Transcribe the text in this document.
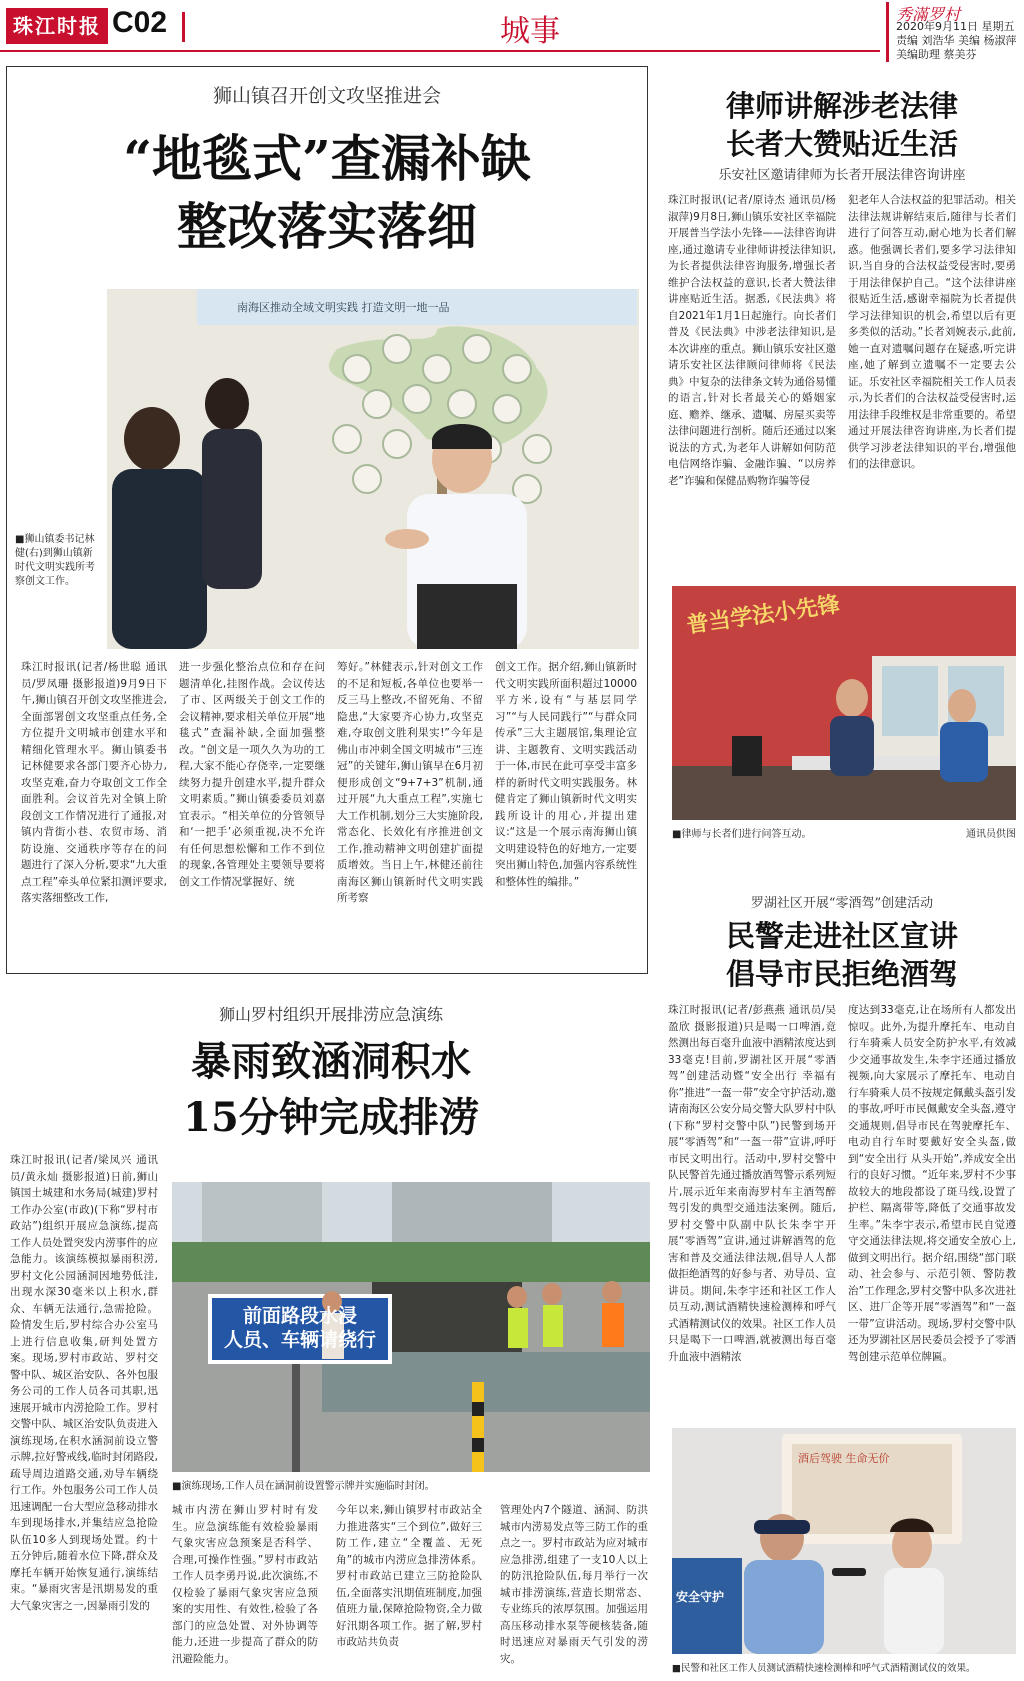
珠江时报 C02	城事	秀滿罗村
2020年9月11日 星期五
责编 刘浩华 美编 杨淑萍
美编助理 蔡美芬
狮山镇召开创文攻坚推进会
“地毯式”查漏补缺
整改落实落细
南海区推动全域文明实践 打造文明一地一品
■狮山镇委书记林健(右)到狮山镇新时代文明实践所考察创文工作。
珠江时报讯(记者/杨世聪 通讯员/罗凤珊 摄影报道)9月9日下午,狮山镇召开创文攻坚推进会,全面部署创文攻坚重点任务,全方位提升文明城市创建水平和精细化管理水平。狮山镇委书记林健要求各部门要齐心协力,攻坚克难,奋力夺取创文工作全面胜利。会议首先对全镇上阶段创文工作情况进行了通报,对镇内背街小巷、农贸市场、消防设施、交通秩序等存在的问题进行了深入分析,要求“九大重点工程”牵头单位紧扣测评要求,落实落细整改工作,
进一步强化整治点位和存在问题清单化,挂图作战。会议传达了市、区两级关于创文工作的会议精神,要求相关单位开展“地毯式”查漏补缺,全面加强整改。“创文是一项久久为功的工程,大家不能心存侥幸,一定要继续努力提升创建水平,提升群众文明素质。”狮山镇委委员刘嘉宜表示。“相关单位的分管领导和‘一把手’必须重视,决不允许有任何思想松懈和工作不到位的现象,各管理处主要领导要将创文工作情况掌握好、统
筹好。”林健表示,针对创文工作的不足和短板,各单位也要举一反三马上整改,不留死角、不留隐患,“大家要齐心协力,攻坚克难,夺取创文胜利果实!”今年是佛山市冲刺全国文明城市“三连冠”的关键年,狮山镇早在6月初便形成创文“9+7+3”机制,通过开展“九大重点工程”,实施七大工作机制,划分三大实施阶段,常态化、长效化有序推进创文工作,推动精神文明创建扩面提质增效。当日上午,林健还前往南海区狮山镇新时代文明实践所考察
创文工作。据介绍,狮山镇新时代文明实践所面积超过10000平方米,设有“与基层同学习”“与人民同践行”“与群众同传承”三大主题展馆,集理论宣讲、主题教育、文明实践活动于一体,市民在此可享受丰富多样的新时代文明实践服务。林健肯定了狮山镇新时代文明实践所设计的用心,并提出建议:“这是一个展示南海狮山镇文明建设特色的好地方,一定要突出狮山特色,加强内容系统性和整体性的编排。”
律师讲解涉老法律
长者大赞贴近生活
乐安社区邀请律师为长者开展法律咨询讲座
珠江时报讯(记者/原诗杰 通讯员/杨淑萍)9月8日,狮山镇乐安社区幸福院开展普当学法小先锋——法律咨询讲座,通过邀请专业律师讲授法律知识,为长者提供法律咨询服务,增强长者维护合法权益的意识,长者大赞法律讲座贴近生活。据悉,《民法典》将自2021年1月1日起施行。向长者们普及《民法典》中涉老法律知识,是本次讲座的重点。狮山镇乐安社区邀请乐安社区法律顾问律师将《民法典》中复杂的法律条文转为通俗易懂的语言,针对长者最关心的婚姻家庭、赡养、继承、遗嘱、房屋买卖等法律问题进行剖析。随后还通过以案说法的方式,为老年人讲解如何防范电信网络诈骗、金融诈骗、“以房养老”诈骗和保健品购物诈骗等侵
犯老年人合法权益的犯罪活动。相关法律法规讲解结束后,随律与长者们进行了问答互动,耐心地为长者们解惑。他强调长者们,要多学习法律知识,当自身的合法权益受侵害时,要勇于用法律保护自己。“这个法律讲座很贴近生活,感谢幸福院为长者提供学习法律知识的机会,希望以后有更多类似的活动。”长者刘婉表示,此前,她一直对遗嘱问题存在疑惑,听完讲座,她了解到立遗嘱不一定要去公证。乐安社区幸福院相关工作人员表示,为长者们的合法权益受侵害时,运用法律手段维权是非常重要的。希望通过开展法律咨询讲座,为长者们提供学习涉老法律知识的平台,增强他们的法律意识。
普当学法小先锋
■律师与长者们进行问答互动。	通讯员供图
罗湖社区开展“零酒驾”创建活动
民警走进社区宣讲
倡导市民拒绝酒驾
珠江时报讯(记者/彭燕燕 通讯员/吴盈欣 摄影报道)只是喝一口啤酒,竟然测出每百毫升血液中酒精浓度达到33毫克!目前,罗湖社区开展“零酒驾”创建活动暨“安全出行 幸福有你”推进“一盔一带”安全守护活动,邀请南海区公安分局交警大队罗村中队(下称“罗村交警中队”)民警到场开展“零酒驾”和“一盔一带”宣讲,呼吁市民文明出行。活动中,罗村交警中队民警首先通过播放酒驾警示系列短片,展示近年来南海罗村车主酒驾醉驾引发的典型交通违法案例。随后,罗村交警中队副中队长朱李宇开展“零酒驾”宣讲,通过讲解酒驾的危害和普及交通法律法规,倡导人人都做拒绝酒驾的好参与者、劝导员、宣讲员。期间,朱李宇还和社区工作人员互动,测试酒精快速检测棒和呼气式酒精测试仪的效果。社区工作人员只是喝下一口啤酒,就被测出每百毫升血液中酒精浓
度达到33毫克,让在场所有人都发出惊叹。此外,为提升摩托车、电动自行车骑乘人员安全防护水平,有效减少交通事故发生,朱李宇还通过播放视频,向大家展示了摩托车、电动自行车骑乘人员不按规定佩戴头盔引发的事故,呼吁市民佩戴安全头盔,遵守交通规则,倡导市民在驾驶摩托车、电动自行车时要戴好安全头盔,做到“安全出行 从头开始”,养成安全出行的良好习惯。“近年来,罗村不少事故较大的地段都设了斑马线,设置了护栏、隔离带等,降低了交通事故发生率。”朱李宇表示,希望市民自觉遵守交通法律法规,将交通安全放心上,做到文明出行。据介绍,围绕“部门联动、社会参与、示范引领、警防教治”工作理念,罗村交警中队多次进社区、进厂企等开展“零酒驾”和“一盔一带”宣讲活动。现场,罗村交警中队还为罗湖社区居民委员会授予了零酒驾创建示范单位牌匾。
酒后驾驶 生命无价
安全守护
■民警和社区工作人员测试酒精快速检测棒和呼气式酒精测试仪的效果。
狮山罗村组织开展排涝应急演练
暴雨致涵洞积水
15分钟完成排涝
珠江时报讯(记者/梁凤兴 通讯员/黄永灿 摄影报道)日前,狮山镇国土城建和水务局(城建)罗村工作办公室(市政)(下称“罗村市政站”)组织开展应急演练,提高工作人员处置突发内涝事件的应急能力。该演练模拟暴雨积涝,罗村文化公园涵洞因地势低洼,出现水深30毫米以上积水,群众、车辆无法通行,急需抢险。险情发生后,罗村综合办公室马上进行信息收集,研判处置方案。现场,罗村市政站、罗村交警中队、城区治安队、各外包服务公司的工作人员各司其职,迅速展开城市内涝抢险工作。罗村交警中队、城区治安队负责进入演练现场,在积水涵洞前设立警示牌,拉好警戒线,临时封闭路段,疏导周边道路交通,劝导车辆绕行工作。外包服务公司工作人员迅速调配一台大型应急移动排水车到现场排水,并集结应急抢险队伍10多人到现场处置。约十五分钟后,随着水位下降,群众及摩托车辆开始恢复通行,演练结束。“暴雨灾害是汛期易发的重大气象灾害之一,因暴雨引发的
前面路段水浸
人员、车辆请绕行
■演练现场,工作人员在涵洞前设置警示牌并实施临时封闭。
城市内涝在狮山罗村时有发生。应急演练能有效检验暴雨气象灾害应急预案是否科学、合理,可操作性强。”罗村市政站工作人员李勇丹说,此次演练,不仅检验了暴雨气象灾害应急预案的实用性、有效性,检验了各部门的应急处置、对外协调等能力,还进一步提高了群众的防汛避险能力。
今年以来,狮山镇罗村市政站全力推进落实“三个到位”,做好三防工作,建立“全覆盖、无死角”的城市内涝应急排涝体系。罗村市政站已建立三防抢险队伍,全面落实汛期值班制度,加强值班力量,保障抢险物资,全力做好汛期各项工作。据了解,罗村市政站共负责
管理处内7个隧道、涵洞、防洪城市内涝易发点等三防工作的重点之一。罗村市政站为应对城市应急排涝,组建了一支10人以上的防汛抢险队伍,每月举行一次城市排涝演练,营造长期常态、专业练兵的浓厚氛围。加强运用高压移动排水泵等硬核装备,随时迅速应对暴雨天气引发的涝灾。
